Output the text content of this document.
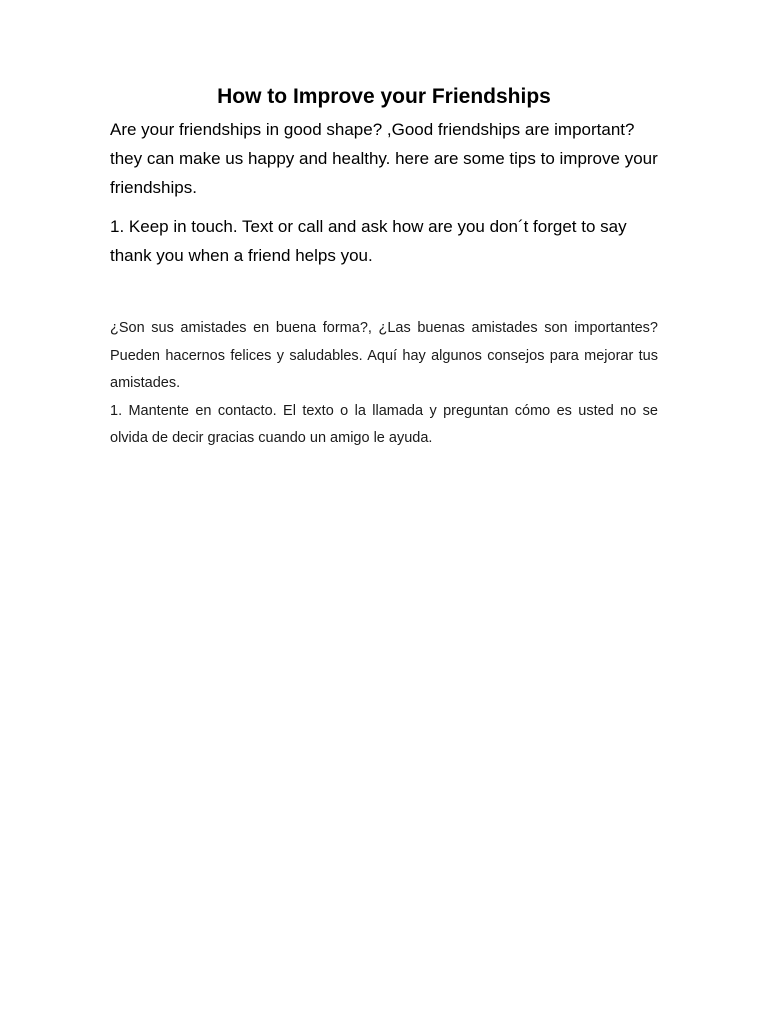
How to Improve your Friendships

Are your friendships in good shape? ,Good friendships are important? they can make us happy and healthy. here are some tips to improve your friendships.

1. Keep in touch. Text or call and ask how are you don´t forget to say thank you when a friend helps you.

¿Son sus amistades en buena forma?, ¿Las buenas amistades son importantes? Pueden hacernos felices y saludables. Aquí hay algunos consejos para mejorar tus amistades.

1. Mantente en contacto. El texto o la llamada y preguntan cómo es usted no se olvida de decir gracias cuando un amigo le ayuda.
